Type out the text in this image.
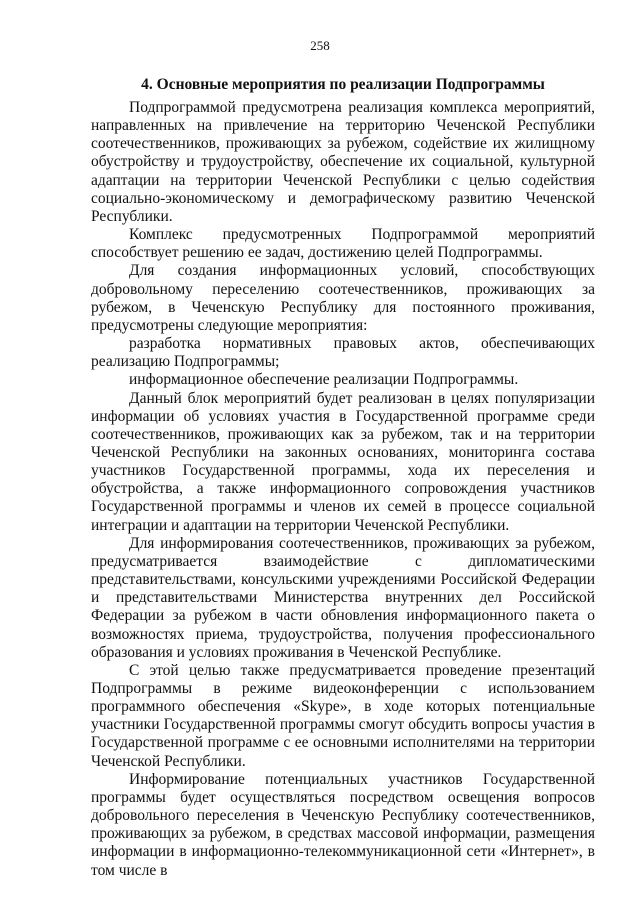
258
4. Основные мероприятия по реализации Подпрограммы

Подпрограммой предусмотрена реализация комплекса мероприятий, направленных на привлечение на территорию Чеченской Республики соотечественников, проживающих за рубежом, содействие их жилищному обустройству и трудоустройству, обеспечение их социальной, культурной адаптации на территории Чеченской Республики с целью содействия социально-экономическому и демографическому развитию Чеченской Республики.

Комплекс предусмотренных Подпрограммой мероприятий способствует решению ее задач, достижению целей Подпрограммы.

Для создания информационных условий, способствующих добровольному переселению соотечественников, проживающих за рубежом, в Чеченскую Республику для постоянного проживания, предусмотрены следующие мероприятия:

разработка нормативных правовых актов, обеспечивающих реализацию Подпрограммы;

информационное обеспечение реализации Подпрограммы.

Данный блок мероприятий будет реализован в целях популяризации информации об условиях участия в Государственной программе среди соотечественников, проживающих как за рубежом, так и на территории Чеченской Республики на законных основаниях, мониторинга состава участников Государственной программы, хода их переселения и обустройства, а также информационного сопровождения участников Государственной программы и членов их семей в процессе социальной интеграции и адаптации на территории Чеченской Республики.

Для информирования соотечественников, проживающих за рубежом, предусматривается взаимодействие с дипломатическими представительствами, консульскими учреждениями Российской Федерации и представительствами Министерства внутренних дел Российской Федерации за рубежом в части обновления информационного пакета о возможностях приема, трудоустройства, получения профессионального образования и условиях проживания в Чеченской Республике.

С этой целью также предусматривается проведение презентаций Подпрограммы в режиме видеоконференции с использованием программного обеспечения «Skype», в ходе которых потенциальные участники Государственной программы смогут обсудить вопросы участия в Государственной программе с ее основными исполнителями на территории Чеченской Республики.

Информирование потенциальных участников Государственной программы будет осуществляться посредством освещения вопросов добровольного переселения в Чеченскую Республику соотечественников, проживающих за рубежом, в средствах массовой информации, размещения информации в информационно-телекоммуникационной сети «Интернет», в том числе в
